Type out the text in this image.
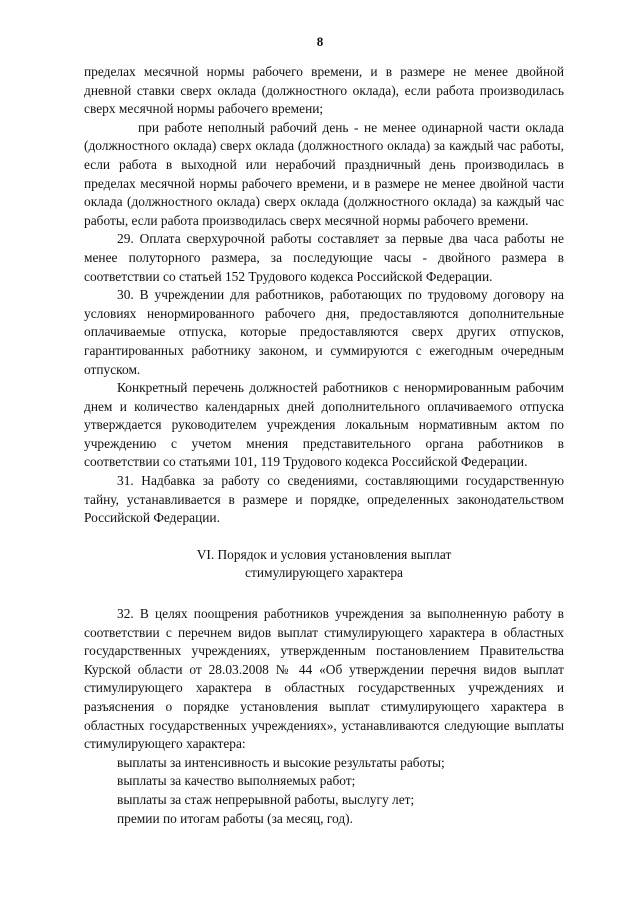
8

пределах месячной нормы рабочего времени, и в размере не менее двойной дневной ставки сверх оклада (должностного оклада), если работа производилась сверх месячной нормы рабочего времени;

при работе неполный рабочий день - не менее одинарной части оклада (должностного оклада) сверх оклада (должностного оклада) за каждый час работы, если работа в выходной или нерабочий праздничный день производилась в пределах месячной нормы рабочего времени, и в размере не менее двойной части оклада (должностного оклада) сверх оклада (должностного оклада) за каждый час работы, если работа производилась сверх месячной нормы рабочего времени.

29. Оплата сверхурочной работы составляет за первые два часа работы не менее полуторного размера, за последующие часы - двойного размера в соответствии со статьей 152 Трудового кодекса Российской Федерации.

30. В учреждении для работников, работающих по трудовому договору на условиях ненормированного рабочего дня, предоставляются дополнительные оплачиваемые отпуска, которые предоставляются сверх других отпусков, гарантированных работнику законом, и суммируются с ежегодным очередным отпуском.

Конкретный перечень должностей работников с ненормированным рабочим днем и количество календарных дней дополнительного оплачиваемого отпуска утверждается руководителем учреждения локальным нормативным актом по учреждению с учетом мнения представительного органа работников в соответствии со статьями 101, 119 Трудового кодекса Российской Федерации.

31. Надбавка за работу со сведениями, составляющими государственную тайну, устанавливается в размере и порядке, определенных законодательством Российской Федерации.

VI. Порядок и условия установления выплат
стимулирующего характера

32. В целях поощрения работников учреждения за выполненную работу в соответствии с перечнем видов выплат стимулирующего характера в областных государственных учреждениях, утвержденным постановлением Правительства Курской области от 28.03.2008 № 44 «Об утверждении перечня видов выплат стимулирующего характера в областных государственных учреждениях и разъяснения о порядке установления выплат стимулирующего характера в областных государственных учреждениях», устанавливаются следующие выплаты стимулирующего характера:

выплаты за интенсивность и высокие результаты работы;

выплаты за качество выполняемых работ;

выплаты за стаж непрерывной работы, выслугу лет;

премии по итогам работы (за месяц, год).
